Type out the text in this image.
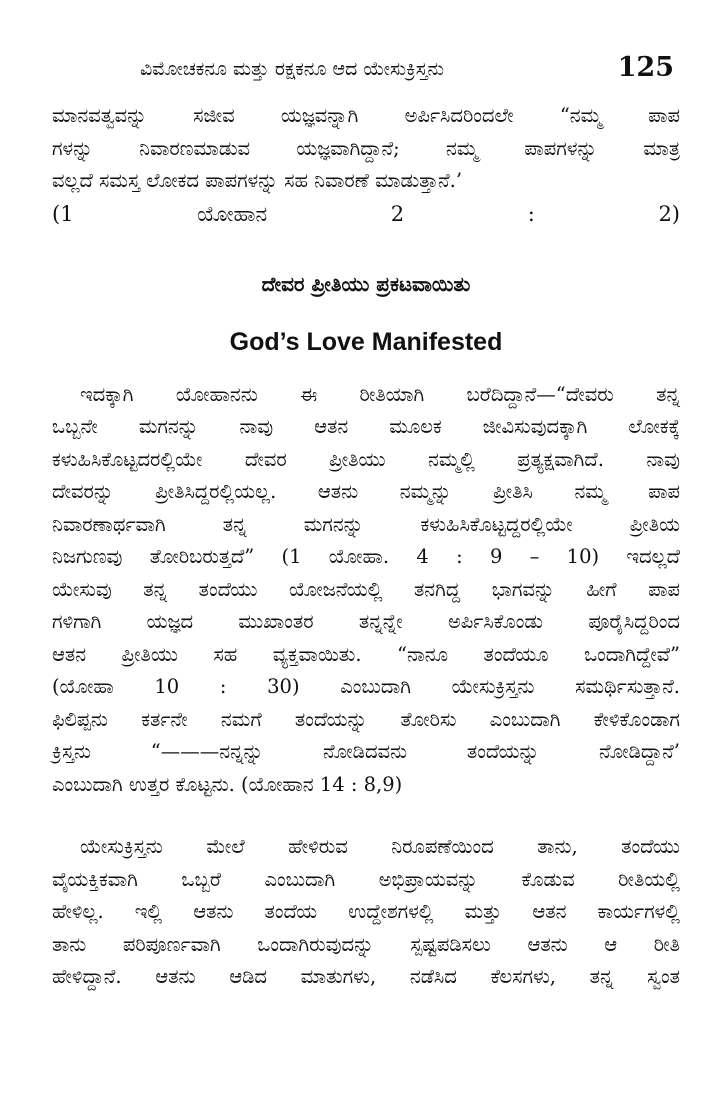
ವಿಮೋಚಕನೂ ಮತ್ತು ರಕ್ಷಕನೂ ಆದ ಯೇಸುಕ್ರಿಸ್ತನು	125
ಮಾನವತ್ವವನ್ನು ಸಜೀವ ಯಜ್ಞವನ್ನಾಗಿ ಅರ್ಪಿಸಿದರಿಂದಲೇ “ನಮ್ಮ ಪಾಪ
ಗಳನ್ನು ನಿವಾರಣಮಾಡುವ ಯಜ್ಞವಾಗಿದ್ದಾನೆ; ನಮ್ಮ ಪಾಪಗಳನ್ನು ಮಾತ್ರ
ವಲ್ಲದೆ ಸಮಸ್ತ ಲೋಕದ ಪಾಪಗಳನ್ನು ಸಹ ನಿವಾರಣೆ ಮಾಡುತ್ತಾನೆ.’
(1 ಯೋಹಾನ 2 : 2)
ದೇವರ ಪ್ರೀತಿಯು ಪ್ರಕಟವಾಯಿತು
God’s Love Manifested
ಇದಕ್ಕಾಗಿ ಯೋಹಾನನು ಈ ರೀತಿಯಾಗಿ ಬರೆದಿದ್ದಾನೆ—“ದೇವರು ತನ್ನ
ಒಬ್ಬನೇ ಮಗನನ್ನು ನಾವು ಆತನ ಮೂಲಕ ಜೀವಿಸುವುದಕ್ಕಾಗಿ ಲೋಕಕ್ಕೆ
ಕಳುಹಿಸಿಕೊಟ್ಟದರಲ್ಲಿಯೇ ದೇವರ ಪ್ರೀತಿಯು ನಮ್ಮಲ್ಲಿ ಪ್ರತ್ಯಕ್ಷವಾಗಿದೆ. ನಾವು
ದೇವರನ್ನು ಪ್ರೀತಿಸಿದ್ದರಲ್ಲಿಯಲ್ಲ. ಆತನು ನಮ್ಮನ್ನು ಪ್ರೀತಿಸಿ ನಮ್ಮ ಪಾಪ
ನಿವಾರಣಾರ್ಥವಾಗಿ ತನ್ನ ಮಗನನ್ನು ಕಳುಹಿಸಿಕೊಟ್ಟದ್ದರಲ್ಲಿಯೇ ಪ್ರೀತಿಯ
ನಿಜಗುಣವು ತೋರಿಬರುತ್ತದೆ” (1 ಯೋಹಾ. 4 : 9 – 10) ಇದಲ್ಲದೆ
ಯೇಸುವು ತನ್ನ ತಂದೆಯು ಯೋಜನೆಯಲ್ಲಿ ತನಗಿದ್ದ ಭಾಗವನ್ನು ಹೀಗೆ ಪಾಪ
ಗಳಿಗಾಗಿ ಯಜ್ಞದ ಮುಖಾಂತರ ತನ್ನನ್ನೇ ಅರ್ಪಿಸಿಕೊಂಡು ಪೂರೈಸಿದ್ದರಿಂದ
ಆತನ ಪ್ರೀತಿಯು ಸಹ ವ್ಯಕ್ತವಾಯಿತು. “ನಾನೂ ತಂದೆಯೂ ಒಂದಾಗಿದ್ದೇವೆ”
(ಯೋಹಾ 10 : 30) ಎಂಬುದಾಗಿ ಯೇಸುಕ್ರಿಸ್ತನು ಸಮರ್ಥಿಸುತ್ತಾನೆ.
ಫಿಲಿಪ್ಪನು ಕರ್ತನೇ ನಮಗೆ ತಂದೆಯನ್ನು ತೋರಿಸು ಎಂಬುದಾಗಿ ಕೇಳಿಕೊಂಡಾಗ
ಕ್ರಿಸ್ತನು “———ನನ್ನನ್ನು ನೋಡಿದವನು ತಂದೆಯನ್ನು ನೋಡಿದ್ದಾನೆ’
ಎಂಬುದಾಗಿ ಉತ್ತರ ಕೊಟ್ಟನು. (ಯೋಹಾನ 14 : 8,9)
ಯೇಸುಕ್ರಿಸ್ತನು ಮೇಲೆ ಹೇಳಿರುವ ನಿರೂಪಣೆಯಿಂದ ತಾನು, ತಂದೆಯು
ವೈಯಕ್ತಿಕವಾಗಿ ಒಬ್ಬರೆ ಎಂಬುದಾಗಿ ಅಭಿಪ್ರಾಯವನ್ನು ಕೊಡುವ ರೀತಿಯಲ್ಲಿ
ಹೇಳಿಲ್ಲ. ಇಲ್ಲಿ ಆತನು ತಂದೆಯ ಉದ್ದೇಶಗಳಲ್ಲಿ ಮತ್ತು ಆತನ ಕಾರ್ಯಗಳಲ್ಲಿ
ತಾನು ಪರಿಪೂರ್ಣವಾಗಿ ಒಂದಾಗಿರುವುದನ್ನು ಸ್ಪಷ್ಟಪಡಿಸಲು ಆತನು ಆ ರೀತಿ
ಹೇಳಿದ್ದಾನೆ. ಆತನು ಆಡಿದ ಮಾತುಗಳು, ನಡೆಸಿದ ಕೆಲಸಗಳು, ತನ್ನ ಸ್ವಂತ
